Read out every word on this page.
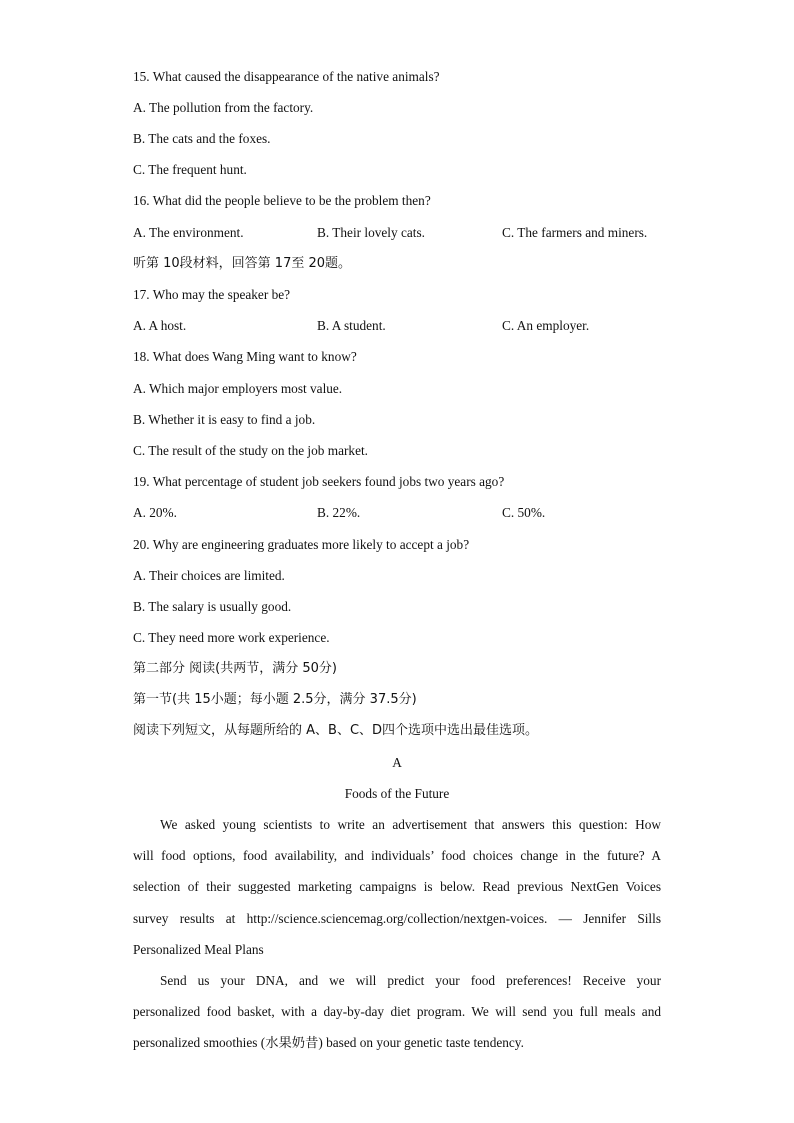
15. What caused the disappearance of the native animals?
A. The pollution from the factory.
B. The cats and the foxes.
C. The frequent hunt.
16. What did the people believe to be the problem then?
A. The environment.	B. Their lovely cats.	C. The farmers and miners.
听第 10段材料，回答第 17至 20题。
17. Who may the speaker be?
A. A host.	B. A student.	C. An employer.
18. What does Wang Ming want to know?
A. Which major employers most value.
B. Whether it is easy to find a job.
C. The result of the study on the job market.
19. What percentage of student job seekers found jobs two years ago?
A. 20%.	B. 22%.	C. 50%.
20. Why are engineering graduates more likely to accept a job?
A. Their choices are limited.
B. The salary is usually good.
C. They need more work experience.
第二部分 阅读(共两节，满分 50分)
第一节(共 15小题；每小题 2.5分，满分 37.5分)
阅读下列短文，从每题所给的 A、B、C、D四个选项中选出最佳选项。
A
Foods of the Future
We asked young scientists to write an advertisement that answers this question: How
will food options, food availability, and individuals’ food choices change in the future? A
selection of their suggested marketing campaigns is below. Read previous NextGen Voices
survey results at http://science.sciencemag.org/collection/nextgen-voices. — Jennifer Sills
Personalized Meal Plans
Send us your DNA, and we will predict your food preferences! Receive your
personalized food basket, with a day-by-day diet program. We will send you full meals and
personalized smoothies (水果奶昔) based on your genetic taste tendency.
